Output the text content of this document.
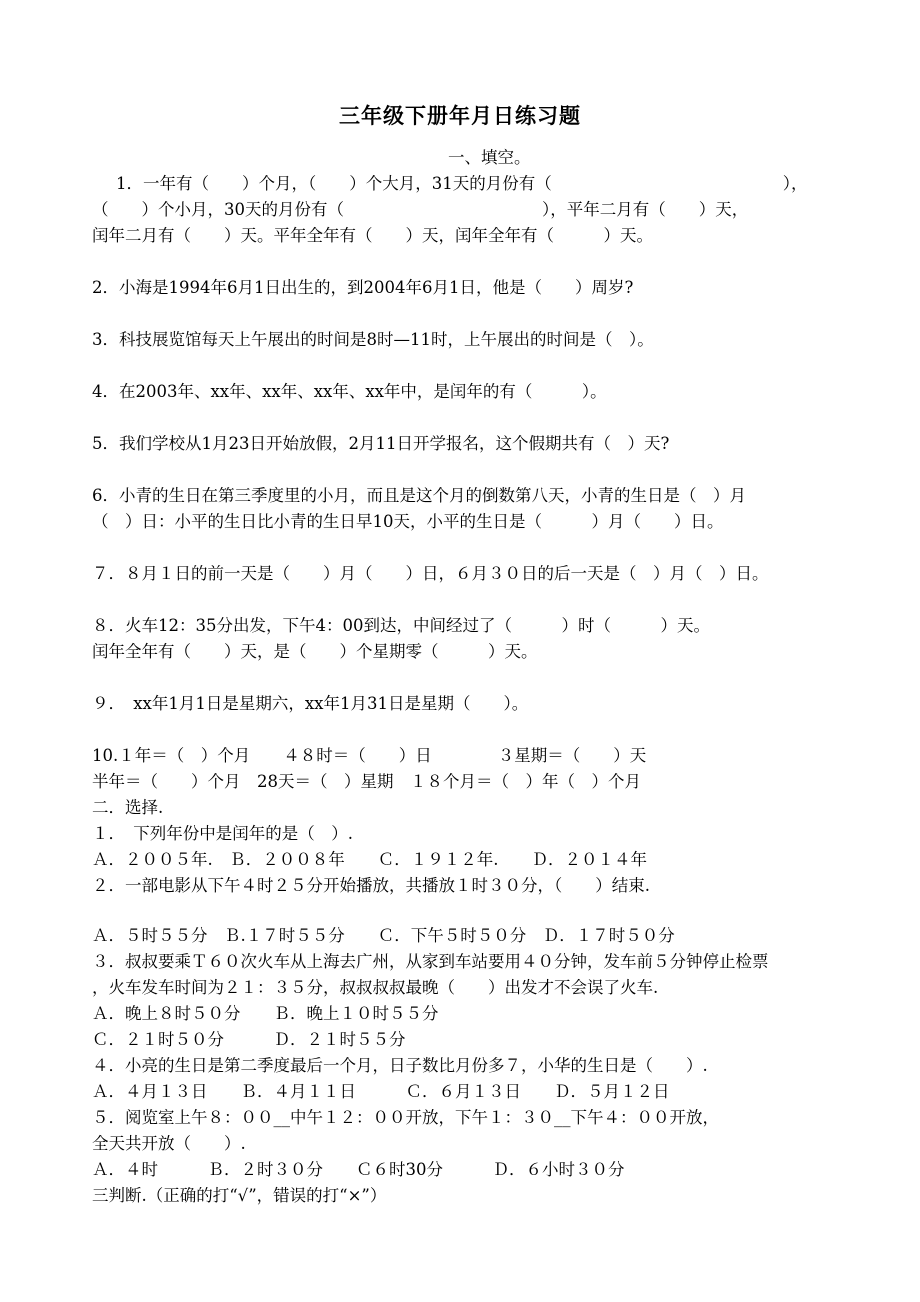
三年级下册年月日练习题
一、填空。
1．一年有（　　）个月，（　　）个大月，31天的月份有（　　　　　　　　　　　　　　），
（　　）个小月，30天的月份有（　　　　　　　　　　　　），平年二月有（　　）天，
闰年二月有（　　）天。平年全年有（　　）天，闰年全年有（　　　）天。
2．小海是1994年6月1日出生的，到2004年6月1日，他是（　　）周岁?
3．科技展览馆每天上午展出的时间是8时—11时，上午展出的时间是（　）。
4．在2003年、xx年、xx年、xx年、xx年中，是闰年的有（　　　）。
5．我们学校从1月23日开始放假，2月11日开学报名，这个假期共有（　）天?
6．小青的生日在第三季度里的小月，而且是这个月的倒数第八天，小青的生日是（　）月
（　）日：小平的生日比小青的生日早10天，小平的生日是（　　　）月（　　）日。
７．８月１日的前一天是（　　）月（　　）日，６月３０日的后一天是（　）月（　）日。
８．火车12：35分出发，下午4：00到达，中间经过了（　　　）时（　　　）天。
闰年全年有（　　）天，是（　　）个星期零（　　　）天。
９．　xx年1月1日是星期六，xx年1月31日是星期（　　）。
10.１年＝（　）个月　　４８时＝（　　）日　　　　３星期＝（　　）天
半年＝（　　）个月　28天＝（　）星期　１８个月＝（　）年（　）个月
二．选择.
１．　下列年份中是闰年的是（　）.
Ａ．２００５年.　Ｂ．２００８年　　Ｃ．１９１２年.　　Ｄ．２０１４年
２．一部电影从下午４时２５分开始播放，共播放１时３０分，（　　）结束.
Ａ．５时５５分　Ｂ.１７时５５分　　Ｃ．下午５时５０分　Ｄ．１７时５０分
３．叔叔要乘Ｔ６０次火车从上海去广州，从家到车站要用４０分钟，发车前５分钟停止检票
，火车发车时间为２１：３５分，叔叔叔叔最晚（　　）出发才不会误了火车.
Ａ．晚上８时５０分　　Ｂ．晚上１０时５５分
Ｃ．２１时５０分　　　Ｄ．２１时５５分
４．小亮的生日是第二季度最后一个月，日子数比月份多７，小华的生日是（　　）.
Ａ．４月１３日　　Ｂ．４月１１日　　　Ｃ．６月１３日　　Ｄ．５月１２日
５．阅览室上午８：００__中午１２：００开放，下午１：３０__下午４：００开放，
全天共开放（　　）.
Ａ．４时　　　Ｂ．２时３０分　　Ｃ６时30分　　　Ｄ．６小时３０分
三判断.（正确的打“√”，错误的打“×”）
